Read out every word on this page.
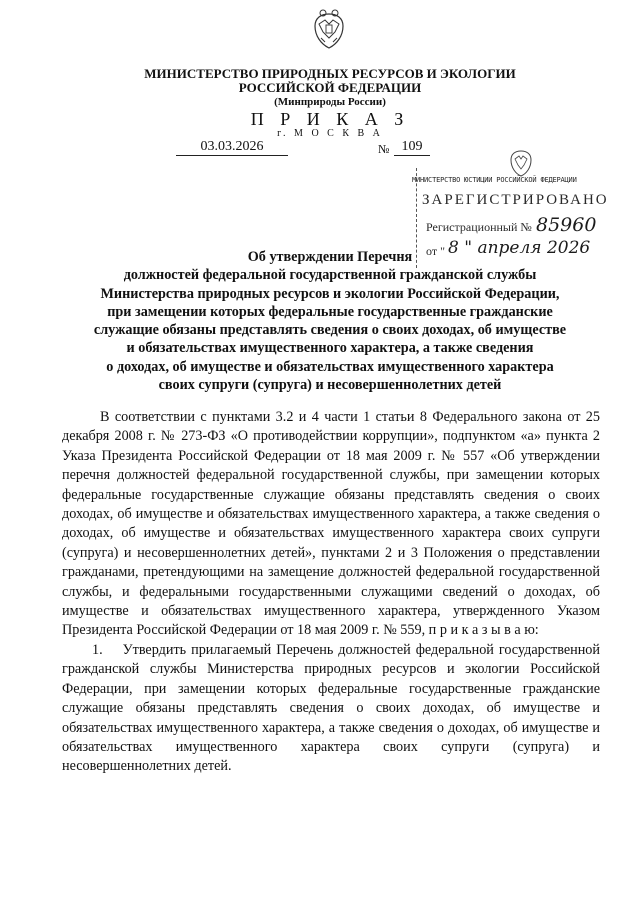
МИНИСТЕРСТВО ПРИРОДНЫХ РЕСУРСОВ И ЭКОЛОГИИ
РОССИЙСКОЙ ФЕДЕРАЦИИ
(Минприроды России)
П Р И К А З
г. М О С К В А
03.03.2026	№ 109
МИНИСТЕРСТВО ЮСТИЦИИ РОССИЙСКОЙ ФЕДЕРАЦИИ
ЗАРЕГИСТРИРОВАНО
Регистрационный № 85960
от " 8 " апреля 2026
Об утверждении Перечня
должностей федеральной государственной гражданской службы
Министерства природных ресурсов и экологии Российской Федерации,
при замещении которых федеральные государственные гражданские
служащие обязаны представлять сведения о своих доходах, об имуществе
и обязательствах имущественного характера, а также сведения
о доходах, об имуществе и обязательствах имущественного характера
своих супруги (супруга) и несовершеннолетних детей

В соответствии с пунктами 3.2 и 4 части 1 статьи 8 Федерального закона от 25 декабря 2008 г. № 273-ФЗ «О противодействии коррупции», подпунктом «а» пункта 2 Указа Президента Российской Федерации от 18 мая 2009 г. № 557 «Об утверждении перечня должностей федеральной государственной службы, при замещении которых федеральные государственные служащие обязаны представлять сведения о своих доходах, об имуществе и обязательствах имущественного характера, а также сведения о доходах, об имуществе и обязательствах имущественного характера своих супруги (супруга) и несовершеннолетних детей», пунктами 2 и 3 Положения о представлении гражданами, претендующими на замещение должностей федеральной государственной службы, и федеральными государственными служащими сведений о доходах, об имуществе и обязательствах имущественного характера, утвержденного Указом Президента Российской Федерации от 18 мая 2009 г. № 559, п р и к а з ы в а ю:

1.    Утвердить прилагаемый Перечень должностей федеральной государственной гражданской службы Министерства природных ресурсов и экологии Российской Федерации, при замещении которых федеральные государственные гражданские служащие обязаны представлять сведения о своих доходах, об имуществе и обязательствах имущественного характера, а также сведения о доходах, об имуществе и обязательствах имущественного характера своих супруги (супруга) и несовершеннолетних детей.
